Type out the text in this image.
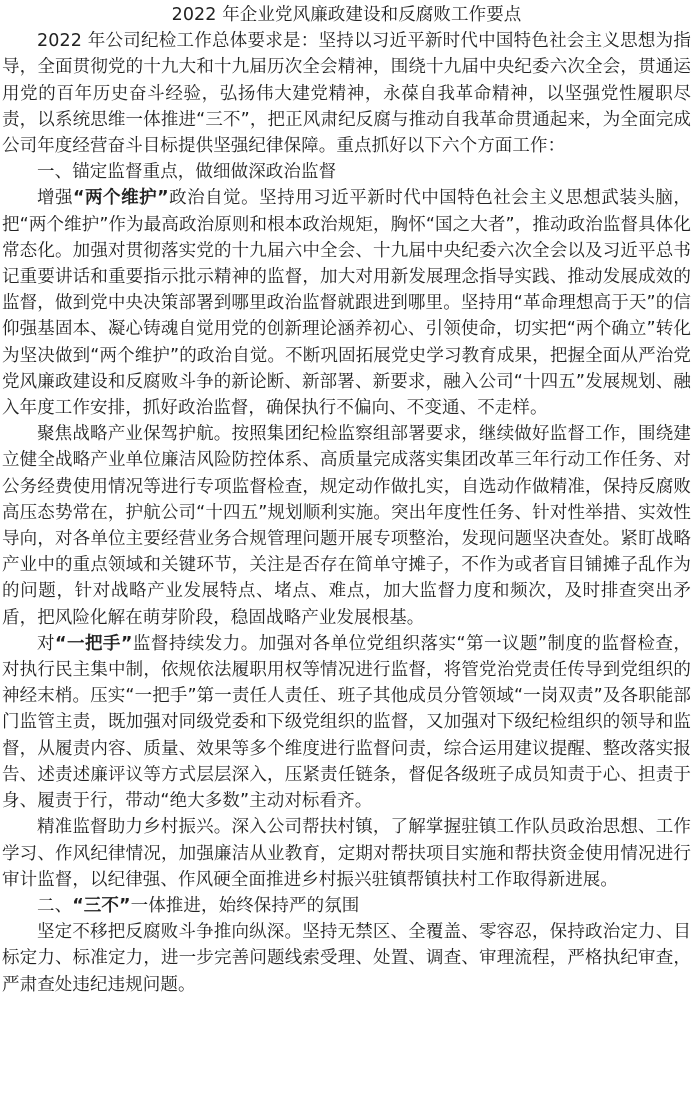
2022 年企业党风廉政建设和反腐败工作要点

2022 年公司纪检工作总体要求是：坚持以习近平新时代中国特色社会主义思想为指导，全面贯彻党的十九大和十九届历次全会精神，围绕十九届中央纪委六次全会，贯通运用党的百年历史奋斗经验，弘扬伟大建党精神，永葆自我革命精神，以坚强党性履职尽责，以系统思维一体推进“三不”，把正风肃纪反腐与推动自我革命贯通起来，为全面完成公司年度经营奋斗目标提供坚强纪律保障。重点抓好以下六个方面工作：

一、锚定监督重点，做细做深政治监督

增强“两个维护”政治自觉。坚持用习近平新时代中国特色社会主义思想武装头脑，把“两个维护”作为最高政治原则和根本政治规矩，胸怀“国之大者”，推动政治监督具体化常态化。加强对贯彻落实党的十九届六中全会、十九届中央纪委六次全会以及习近平总书记重要讲话和重要指示批示精神的监督，加大对用新发展理念指导实践、推动发展成效的监督，做到党中央决策部署到哪里政治监督就跟进到哪里。坚持用“革命理想高于天”的信仰强基固本、凝心铸魂自觉用党的创新理论涵养初心、引领使命，切实把“两个确立”转化为坚决做到“两个维护”的政治自觉。不断巩固拓展党史学习教育成果，把握全面从严治党党风廉政建设和反腐败斗争的新论断、新部署、新要求，融入公司“十四五”发展规划、融入年度工作安排，抓好政治监督，确保执行不偏向、不变通、不走样。

聚焦战略产业保驾护航。按照集团纪检监察组部署要求，继续做好监督工作，围绕建立健全战略产业单位廉洁风险防控体系、高质量完成落实集团改革三年行动工作任务、对公务经费使用情况等进行专项监督检查，规定动作做扎实，自选动作做精准，保持反腐败高压态势常在，护航公司“十四五”规划顺利实施。突出年度性任务、针对性举措、实效性导向，对各单位主要经营业务合规管理问题开展专项整治，发现问题坚决查处。紧盯战略产业中的重点领域和关键环节，关注是否存在简单守摊子，不作为或者盲目铺摊子乱作为的问题，针对战略产业发展特点、堵点、难点，加大监督力度和频次，及时排查突出矛盾，把风险化解在萌芽阶段，稳固战略产业发展根基。

对“一把手”监督持续发力。加强对各单位党组织落实“第一议题”制度的监督检查，对执行民主集中制，依规依法履职用权等情况进行监督，将管党治党责任传导到党组织的神经末梢。压实“一把手”第一责任人责任、班子其他成员分管领域“一岗双责”及各职能部门监管主责，既加强对同级党委和下级党组织的监督，又加强对下级纪检组织的领导和监督，从履责内容、质量、效果等多个维度进行监督问责，综合运用建议提醒、整改落实报告、述责述廉评议等方式层层深入，压紧责任链条，督促各级班子成员知责于心、担责于身、履责于行，带动“绝大多数”主动对标看齐。

精准监督助力乡村振兴。深入公司帮扶村镇，了解掌握驻镇工作队员政治思想、工作学习、作风纪律情况，加强廉洁从业教育，定期对帮扶项目实施和帮扶资金使用情况进行审计监督，以纪律强、作风硬全面推进乡村振兴驻镇帮镇扶村工作取得新进展。

二、“三不”一体推进，始终保持严的氛围

坚定不移把反腐败斗争推向纵深。坚持无禁区、全覆盖、零容忍，保持政治定力、目标定力、标准定力，进一步完善问题线索受理、处置、调查、审理流程，严格执纪审查，严肃查处违纪违规问题。
